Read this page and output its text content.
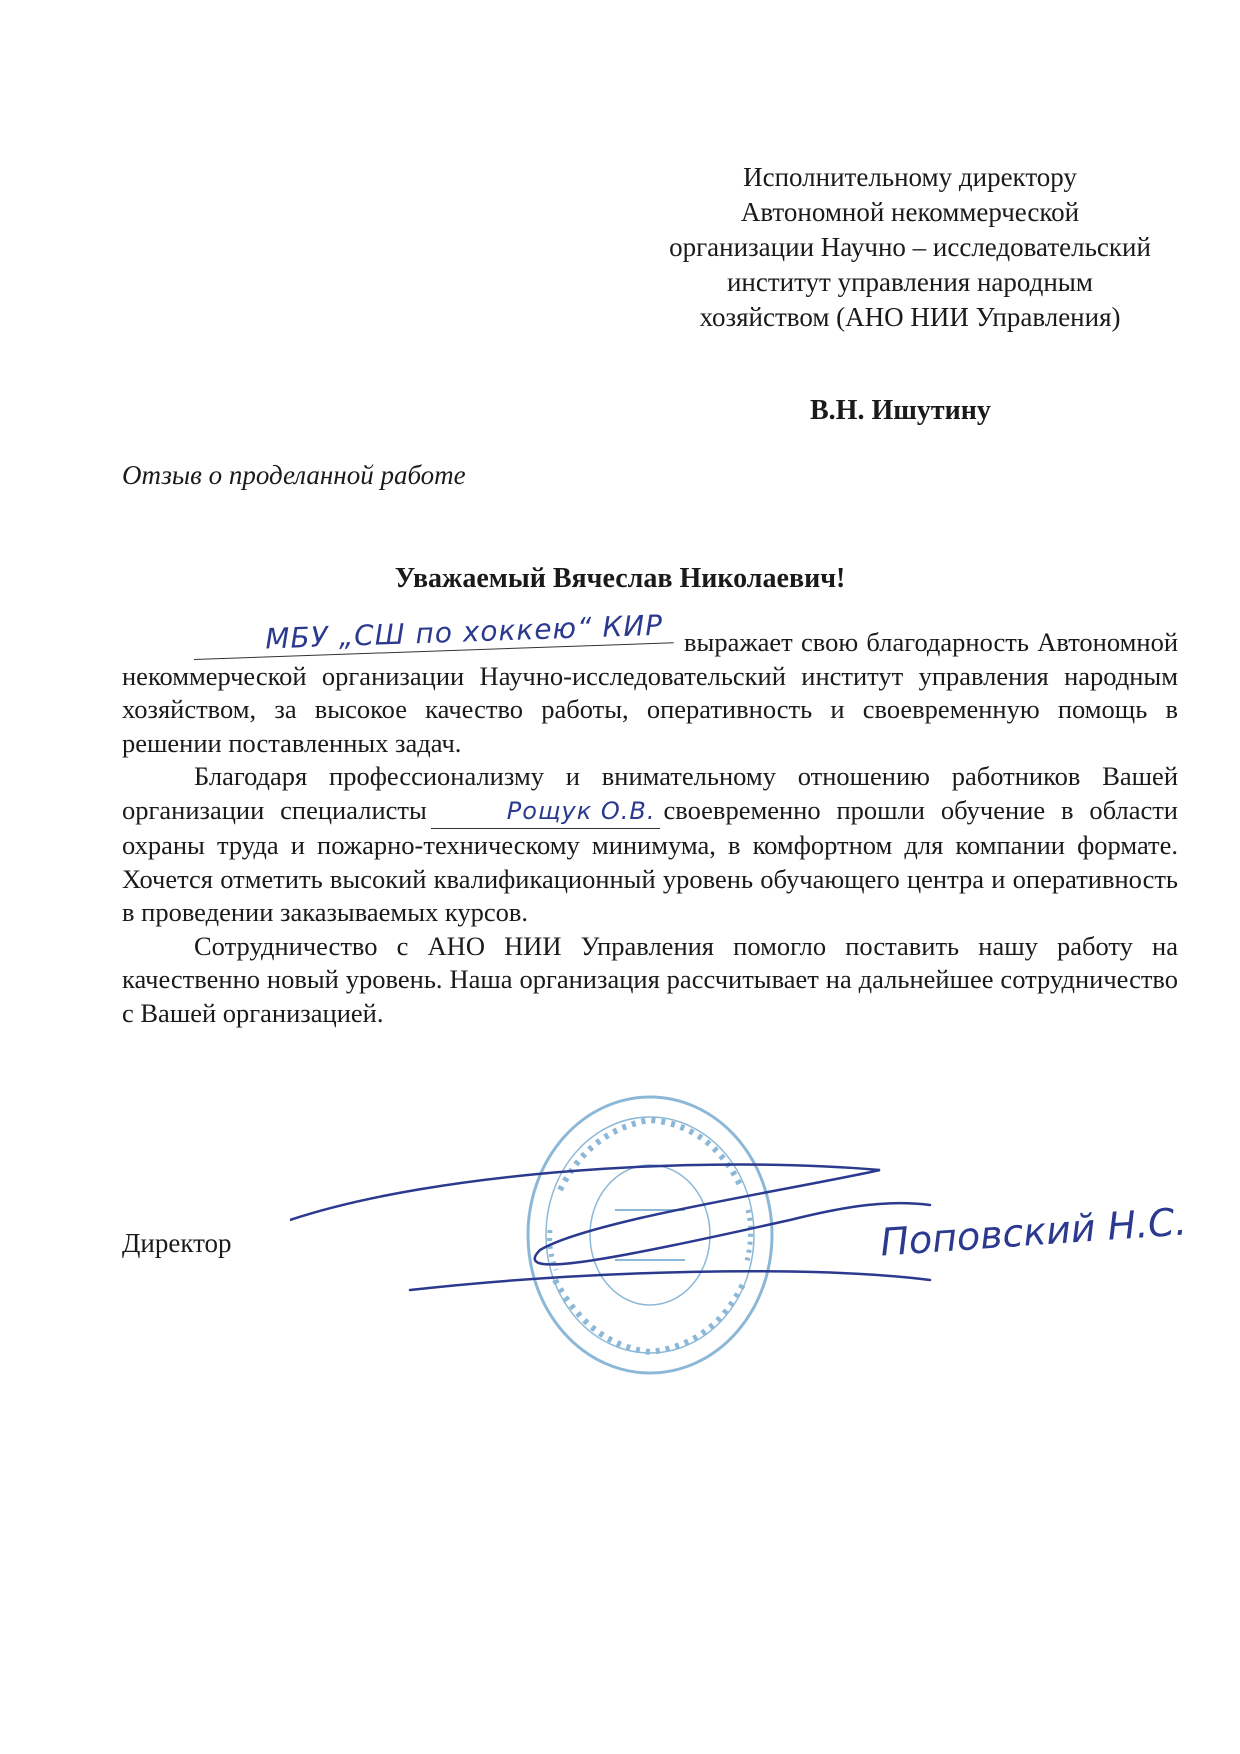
Исполнительному директору
Автономной некоммерческой
организации Научно – исследовательский
институт управления народным
хозяйством (АНО НИИ Управления)
В.Н. Ишутину
Отзыв о проделанной работе
Уважаемый Вячеслав Николаевич!

МБУ „СШ по хоккею“ КИР выражает свою благодарность Автономной некоммерческой организации Научно-исследовательский институт управления народным хозяйством, за высокое качество работы, оперативность и своевременную помощь в решении поставленных задач.

Благодаря профессионализму и внимательному отношению работников Вашей организации специалисты	Рощук О.В. своевременно прошли обучение в области охраны труда и пожарно-техническому минимума, в комфортном для компании формате. Хочется отметить высокий квалификационный уровень обучающего центра и оперативность в проведении заказываемых курсов.

Сотрудничество с АНО НИИ Управления помогло поставить нашу работу на качественно новый уровень. Наша организация рассчитывает на дальнейшее сотрудничество с Вашей организацией.

Директор	Поповский Н.С.
